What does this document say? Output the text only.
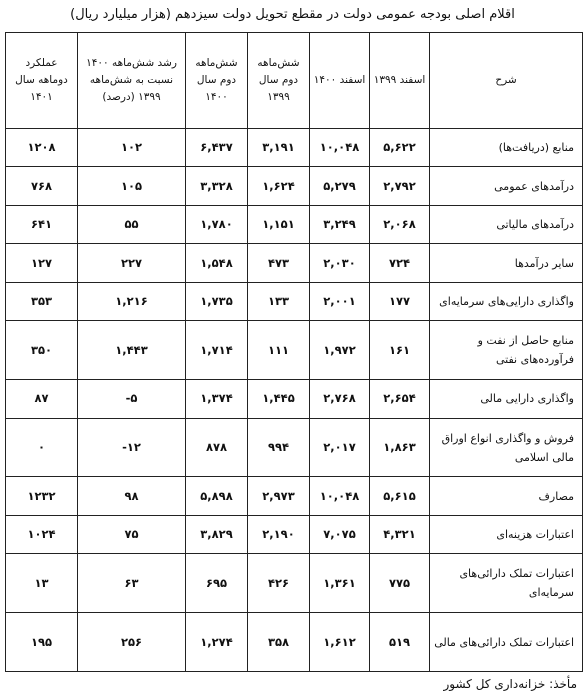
اقلام اصلی بودجه عمومی دولت در مقطع تحویل دولت سیزدهم (هزار میلیارد ریال)
شرح	اسفند ۱۳۹۹	اسفند ۱۴۰۰	شش‌ماهه دوم سال ۱۳۹۹	شش‌ماهه دوم سال ۱۴۰۰	رشد شش‌ماهه ۱۴۰۰ نسبت به شش‌ماهه ۱۳۹۹ (درصد)	عملکرد دوماهه سال ۱۴۰۱
منابع (دریافت‌ها)	۵,۶۲۲	۱۰,۰۴۸	۳,۱۹۱	۶,۴۳۷	۱۰۲	۱۲۰۸
درآمدهای عمومی	۲,۷۹۲	۵,۲۷۹	۱,۶۲۴	۳,۳۲۸	۱۰۵	۷۶۸
درآمدهای مالیاتی	۲,۰۶۸	۳,۲۴۹	۱,۱۵۱	۱,۷۸۰	۵۵	۶۴۱
سایر درآمدها	۷۲۴	۲,۰۳۰	۴۷۳	۱,۵۴۸	۲۲۷	۱۲۷
واگذاری دارایی‌های سرمایه‌ای	۱۷۷	۲,۰۰۱	۱۳۳	۱,۷۳۵	۱,۲۱۶	۳۵۳
منابع حاصل از نفت و فرآورده‌های نفتی	۱۶۱	۱,۹۷۲	۱۱۱	۱,۷۱۴	۱,۴۴۳	۳۵۰
واگذاری دارایی مالی	۲,۶۵۴	۲,۷۶۸	۱,۴۴۵	۱,۳۷۴	۵-	۸۷
فروش و واگذاری انواع اوراق مالی اسلامی	۱,۸۶۳	۲,۰۱۷	۹۹۴	۸۷۸	۱۲-	۰
مصارف	۵,۶۱۵	۱۰,۰۴۸	۲,۹۷۳	۵,۸۹۸	۹۸	۱۲۳۲
اعتبارات هزینه‌ای	۴,۳۲۱	۷,۰۷۵	۲,۱۹۰	۳,۸۲۹	۷۵	۱۰۲۴
اعتبارات تملک دارائی‌های سرمایه‌ای	۷۷۵	۱,۳۶۱	۴۲۶	۶۹۵	۶۳	۱۳
اعتبارات تملک دارائی‌های مالی	۵۱۹	۱,۶۱۲	۳۵۸	۱,۲۷۴	۲۵۶	۱۹۵
مأخذ: خزانه‌داری کل کشور
